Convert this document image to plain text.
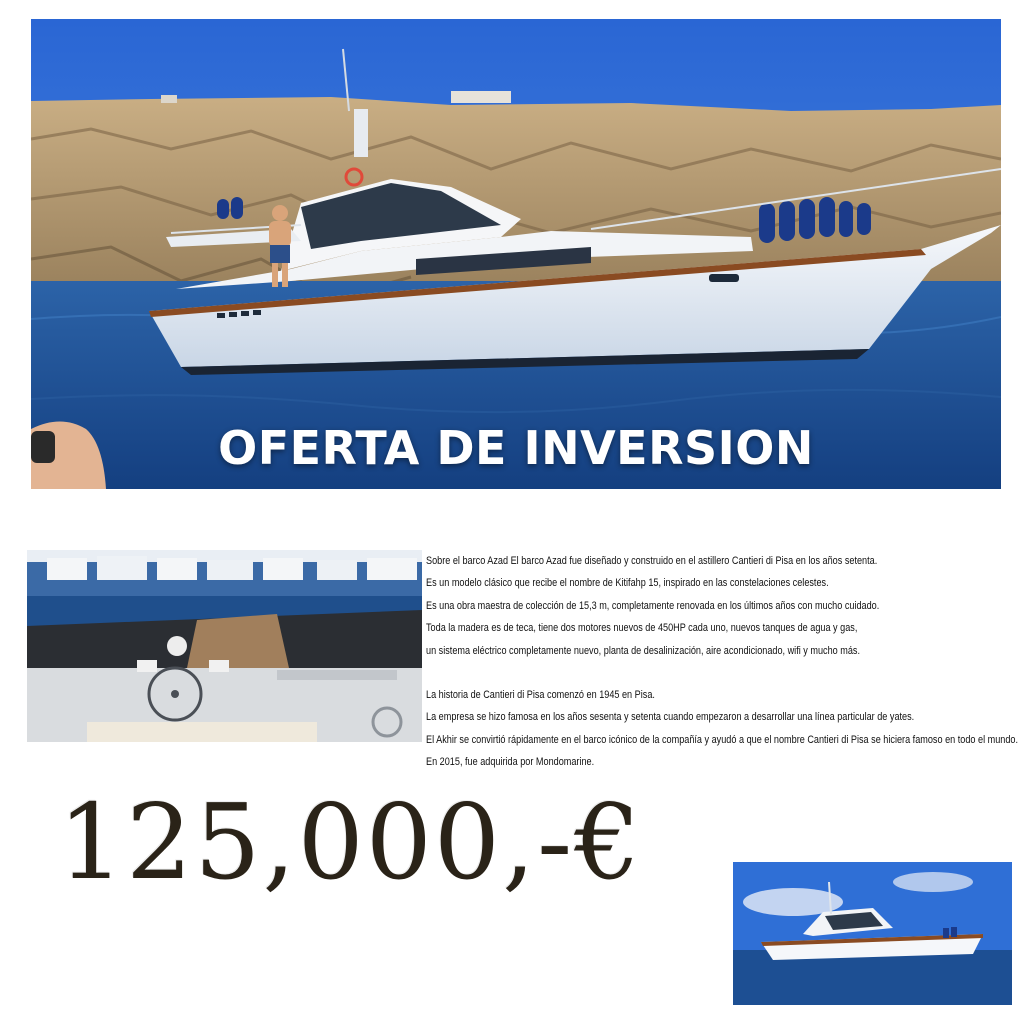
OFERTA DE INVERSION

Sobre el barco Azad El barco Azad fue diseñado y construido en el astillero Cantieri di Pisa en los años setenta.

Es un modelo clásico que recibe el nombre de Kitifahp 15, inspirado en las constelaciones celestes.

Es una obra maestra de colección de 15,3 m, completamente renovada en los últimos años con mucho cuidado.

Toda la madera es de teca, tiene dos motores nuevos de 450HP cada uno, nuevos tanques de agua y gas,

un sistema eléctrico completamente nuevo, planta de desalinización, aire acondicionado, wifi y mucho más.

La historia de Cantieri di Pisa comenzó en 1945 en Pisa.

La empresa se hizo famosa en los años sesenta y setenta cuando empezaron a desarrollar una línea particular de yates.

El Akhir se convirtió rápidamente en el barco icónico de la compañía y ayudó a que el nombre Cantieri di Pisa se hiciera famoso en todo el mundo.

En 2015, fue adquirida por Mondomarine.

125,000,-€
